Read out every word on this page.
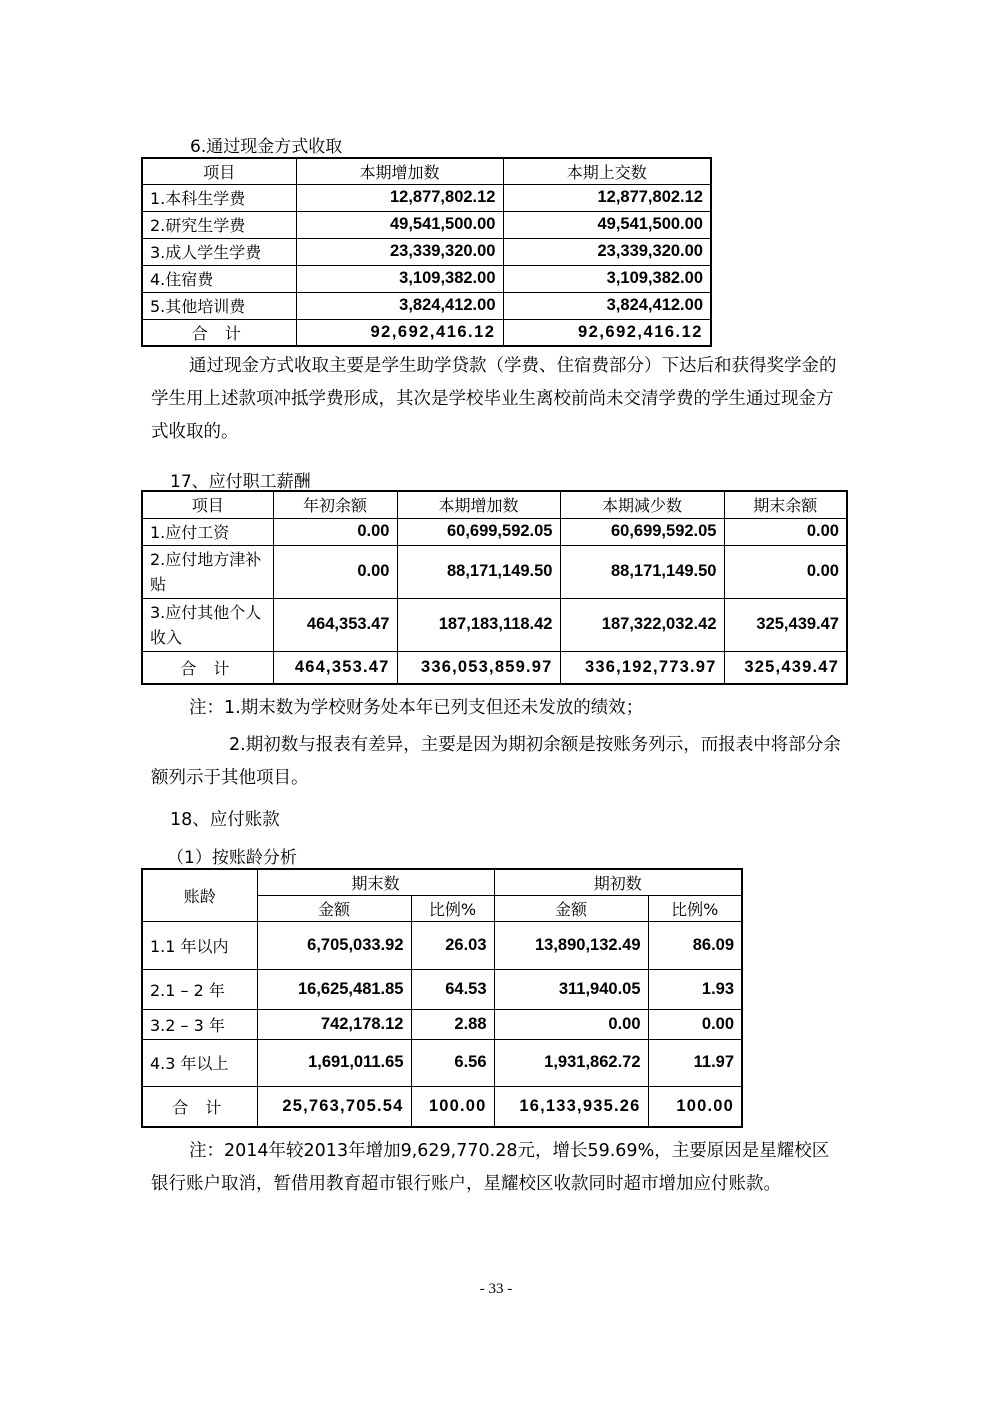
6.通过现金方式收取
项目	本期增加数	本期上交数
1.本科生学费	12,877,802.12	12,877,802.12
2.研究生学费	49,541,500.00	49,541,500.00
3.成人学生学费	23,339,320.00	23,339,320.00
4.住宿费	3,109,382.00	3,109,382.00
5.其他培训费	3,824,412.00	3,824,412.00
合 计	92,692,416.12	92,692,416.12
通过现金方式收取主要是学生助学贷款（学费、住宿费部分）下达后和获得奖学金的学生用上述款项冲抵学费形成，其次是学校毕业生离校前尚未交清学费的学生通过现金方式收取的。
17、应付职工薪酬
项目	年初余额	本期增加数	本期减少数	期末余额
1.应付工资	0.00	60,699,592.05	60,699,592.05	0.00
2.应付地方津补贴	0.00	88,171,149.50	88,171,149.50	0.00
3.应付其他个人收入	464,353.47	187,183,118.42	187,322,032.42	325,439.47
合 计	464,353.47	336,053,859.97	336,192,773.97	325,439.47
注：1.期末数为学校财务处本年已列支但还未发放的绩效；
2.期初数与报表有差异，主要是因为期初余额是按账务列示，而报表中将部分余额列示于其他项目。
18、应付账款
（1）按账龄分析
账龄	期末数		期初数	
	金额	比例%	金额	比例%
1.1 年以内	6,705,033.92	26.03	13,890,132.49	86.09
2.1 – 2 年	16,625,481.85	64.53	311,940.05	1.93
3.2 – 3 年	742,178.12	2.88	0.00	0.00
4.3 年以上	1,691,011.65	6.56	1,931,862.72	11.97
合 计	25,763,705.54	100.00	16,133,935.26	100.00
注：2014年较2013年增加9,629,770.28元，增长59.69%，主要原因是星耀校区银行账户取消，暂借用教育超市银行账户，星耀校区收款同时超市增加应付账款。
- 33 -
